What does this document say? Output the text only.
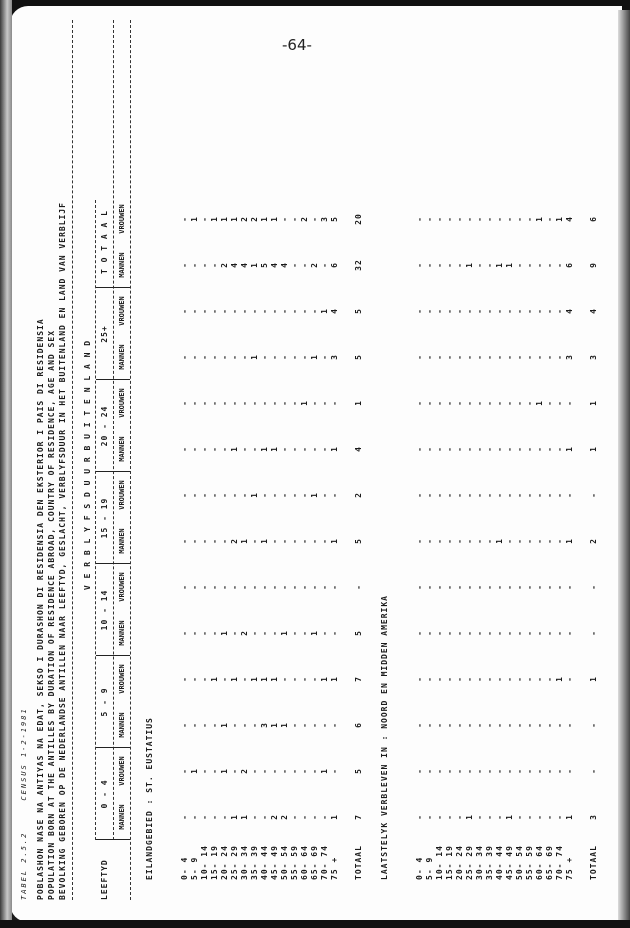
-64-
TABEL 2.5.2     CENSUS 1-2-1981 POBLASHON NASE NA ANTIYAS NA EDAT, SEKSO I DURASHON DI RESIDENSIA DEN EKSTERIOR I PAIS DI RESIDENSIA POPULATION BORN AT THE ANTILLES BY DURATION OF RESIDENCE ABROAD, COUNTRY OF RESIDENCE, AGE AND SEX BEVOLKING GEBOREN OP DE NEDERLANDSE ANTILLEN NAAR LEEFTYD, GESLACHT, VERBLYFSDUUR IN HET BUITENLAND EN LAND VAN VERBLIJF V E R B L Y F S D U U R B U I T E N L A N D
LEEFTYD
0 - 4
5 - 9
10 - 14
15 - 19
20 - 24
25+
T O T A A L
MANNEN
VROUWEN
MANNEN
VROUWEN
MANNEN
VROUWEN
MANNEN
VROUWEN
MANNEN
VROUWEN
MANNEN
VROUWEN
MANNEN
VROUWEN
EILANDGEBIED : ST. EUSTATIUS	0- 4 5- 9 10- 14 15- 19 20- 24 25- 29 30- 34 35- 39 40- 44 45- 49 50- 54 55- 59 60- 64 65- 69 70- 74 75 + TOTAAL
- - - - - 1 1 - - 2 2 - - - - 1 7
- 1 - - 1 - 2 - - - - - - - 1 - 5
- - - - 1 - - - 3 1 1 - - - - - 6
- - - 1 - 1 - 1 1 1 - - - - 1 1 7
- - - - 1 - 2 - - - 1 - - 1 - - 5
- - - - - - - - - - - - - - - - -
- - - - - 2 1 - 1 - - - - - - 1 5
- - - - - - - 1 - - - - - 1 - - 2
- - - - - 1 - - 1 1 - - - - - 1 4
- - - - - - - - - - - - 1 - - - 1
- - - - - - - 1 - - - - - 1 - 3 5
- - - - - - - - - - - - - - 1 4 5
- - - - 2 4 4 1 5 4 4 - - 2 - 6 32
- 1 - 1 1 1 2 2 1 1 - - 2 - 3 5 20
LAATSTELYK VERBLEVEN IN : NOORD EN MIDDEN AMERIKA	0- 4 5- 9 10- 14 15- 19 20- 24 25- 29 30- 34 35- 39 40- 44 45- 49 50- 54 55- 59 60- 64 65- 69 70- 74 75 + TOTAAL
- - - - - 1 - - - 1 - - - - - 1 3
- - - - - - - - - - - - - - - - -
- - - - - - - - - - - - - - - - -
- - - - - - - - - - - - - - 1 - 1
- - - - - - - - - - - - - - - - -
- - - - - - - - - - - - - - - - -
- - - - - - - - 1 - - - - - - 1 2
- - - - - - - - - - - - - - - - -
- - - - - - - - - - - - - - - 1 1
- - - - - - - - - - - - 1 - - - 1
- - - - - - - - - - - - - - - 3 3
- - - - - - - - - - - - - - - 4 4
- - - - - 1 - - 1 1 - - - - - 6 9
- - - - - - - - - - - - 1 - 1 4 6
